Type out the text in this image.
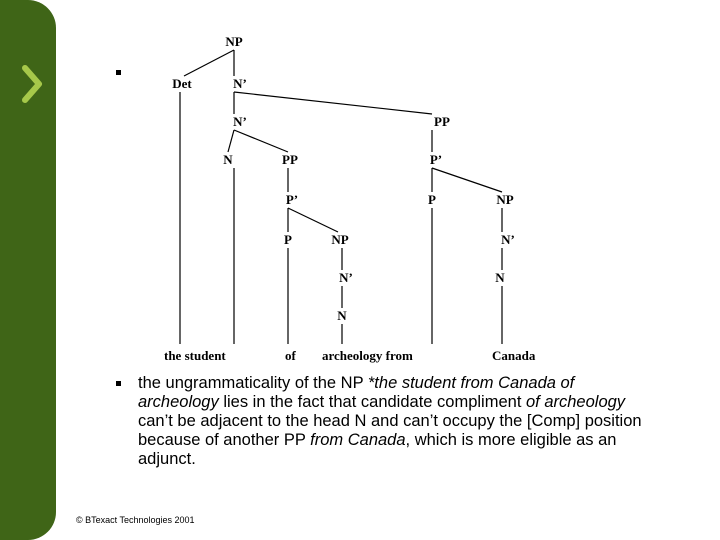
NP
Det	N’
N’	PP
N	PP	P’
P’	P	NP
P	NP	N’
N’	N
N
the student	of archeology from	Canada
the ungrammaticality of the NP *the student from Canada of archeology lies in the fact that candidate compliment of archeology can’t be adjacent to the head N and can’t occupy the [Comp] position because of another PP from Canada, which is more eligible as an adjunct.
© BTexact Technologies 2001
